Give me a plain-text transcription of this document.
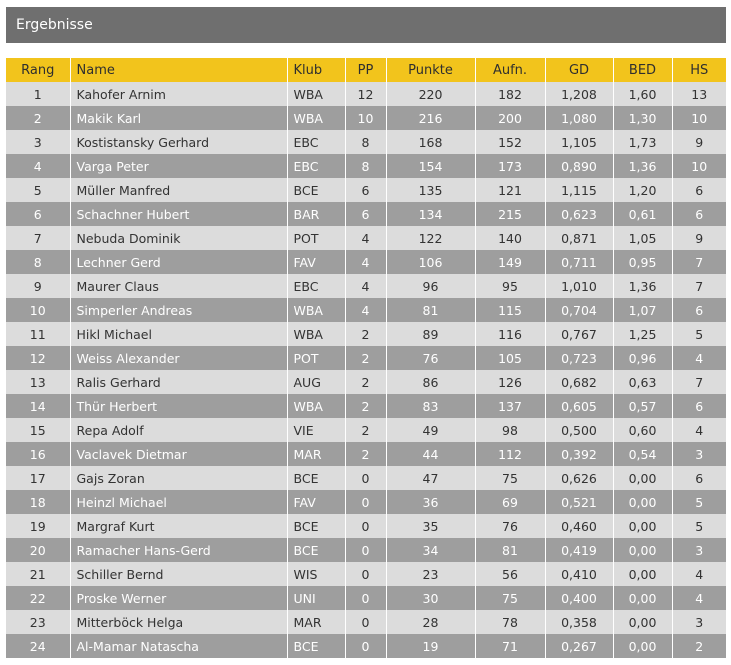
Ergebnisse
Rang	Name	Klub	PP	Punkte	Aufn.	GD	BED	HS
1	Kahofer Arnim	WBA	12	220	182	1,208	1,60	13
2	Makik Karl	WBA	10	216	200	1,080	1,30	10
3	Kostistansky Gerhard	EBC	8	168	152	1,105	1,73	9
4	Varga Peter	EBC	8	154	173	0,890	1,36	10
5	Müller Manfred	BCE	6	135	121	1,115	1,20	6
6	Schachner Hubert	BAR	6	134	215	0,623	0,61	6
7	Nebuda Dominik	POT	4	122	140	0,871	1,05	9
8	Lechner Gerd	FAV	4	106	149	0,711	0,95	7
9	Maurer Claus	EBC	4	96	95	1,010	1,36	7
10	Simperler Andreas	WBA	4	81	115	0,704	1,07	6
11	Hikl Michael	WBA	2	89	116	0,767	1,25	5
12	Weiss Alexander	POT	2	76	105	0,723	0,96	4
13	Ralis Gerhard	AUG	2	86	126	0,682	0,63	7
14	Thür Herbert	WBA	2	83	137	0,605	0,57	6
15	Repa Adolf	VIE	2	49	98	0,500	0,60	4
16	Vaclavek Dietmar	MAR	2	44	112	0,392	0,54	3
17	Gajs Zoran	BCE	0	47	75	0,626	0,00	6
18	Heinzl Michael	FAV	0	36	69	0,521	0,00	5
19	Margraf Kurt	BCE	0	35	76	0,460	0,00	5
20	Ramacher Hans-Gerd	BCE	0	34	81	0,419	0,00	3
21	Schiller Bernd	WIS	0	23	56	0,410	0,00	4
22	Proske Werner	UNI	0	30	75	0,400	0,00	4
23	Mitterböck Helga	MAR	0	28	78	0,358	0,00	3
24	Al-Mamar Natascha	BCE	0	19	71	0,267	0,00	2
